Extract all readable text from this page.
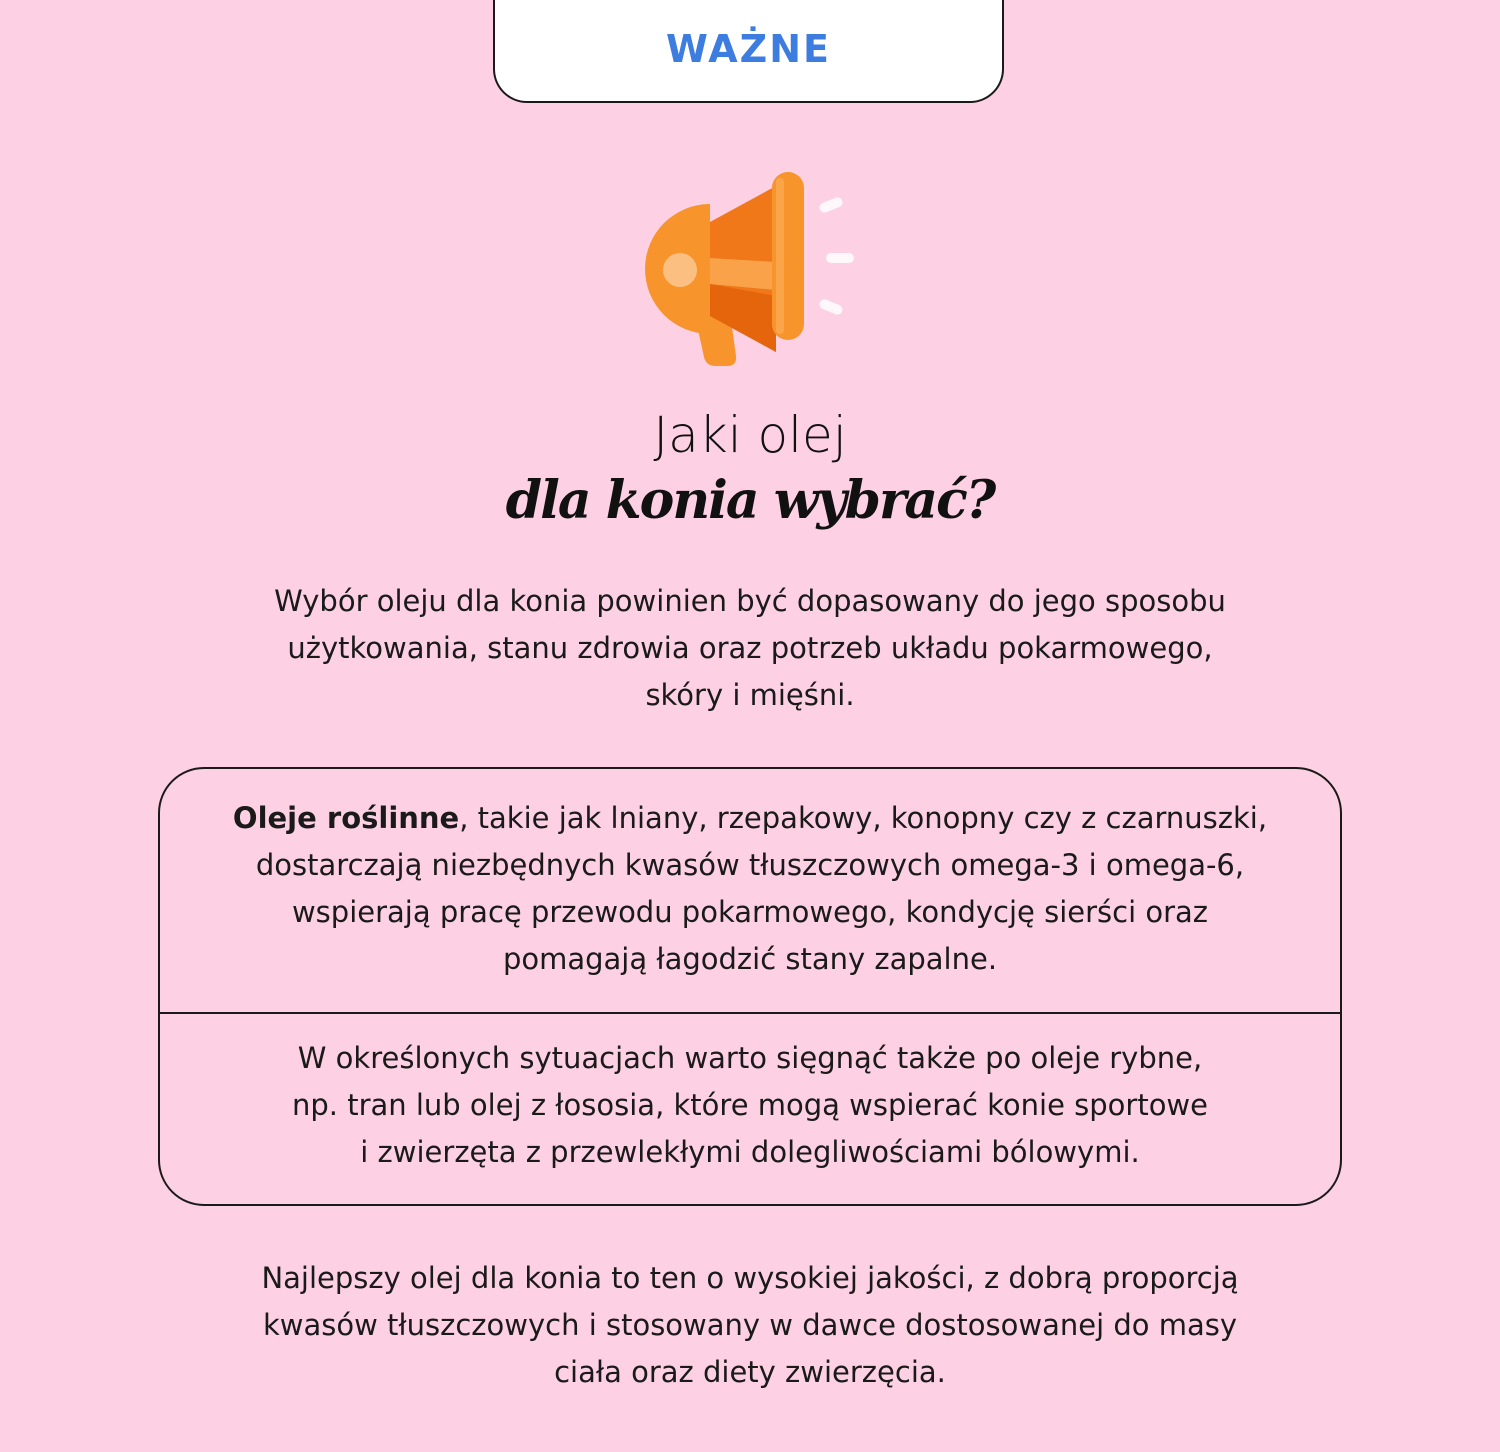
WAŻNE
Jaki olej
dla konia wybrać?
Wybór oleju dla konia powinien być dopasowany do jego sposobu
użytkowania, stanu zdrowia oraz potrzeb układu pokarmowego,
skóry i mięśni.
Oleje roślinne, takie jak lniany, rzepakowy, konopny czy z czarnuszki,
dostarczają niezbędnych kwasów tłuszczowych omega-3 i omega-6,
wspierają pracę przewodu pokarmowego, kondycję sierści oraz
pomagają łagodzić stany zapalne.
W określonych sytuacjach warto sięgnąć także po oleje rybne,
np. tran lub olej z łososia, które mogą wspierać konie sportowe
i zwierzęta z przewlekłymi dolegliwościami bólowymi.
Najlepszy olej dla konia to ten o wysokiej jakości, z dobrą proporcją
kwasów tłuszczowych i stosowany w dawce dostosowanej do masy
ciała oraz diety zwierzęcia.
